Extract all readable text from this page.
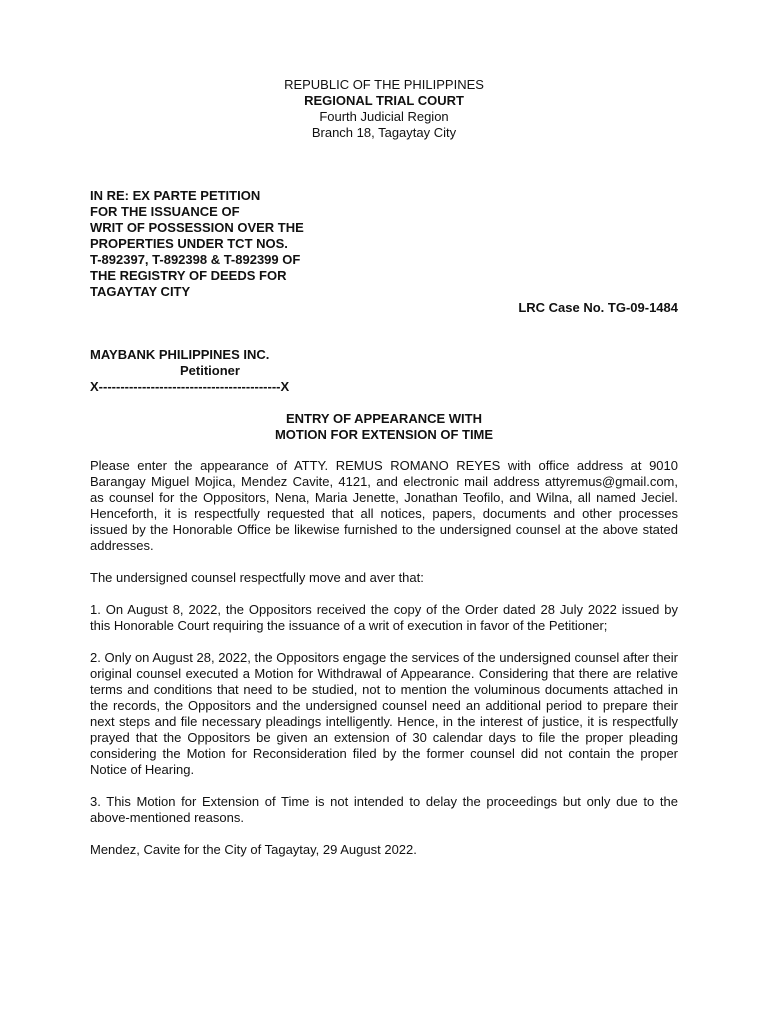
REPUBLIC OF THE PHILIPPINES
REGIONAL TRIAL COURT
Fourth Judicial Region
Branch 18, Tagaytay City
IN RE: EX PARTE PETITION
FOR THE ISSUANCE OF
WRIT OF POSSESSION OVER THE
PROPERTIES UNDER TCT NOS.
T-892397, T-892398 & T-892399 OF
THE REGISTRY OF DEEDS FOR
TAGAYTAY CITY
LRC Case No. TG-09-1484
MAYBANK PHILIPPINES INC.
Petitioner
X------------------------------------------X
ENTRY OF APPEARANCE WITH
MOTION FOR EXTENSION OF TIME

Please enter the appearance of ATTY. REMUS ROMANO REYES with office address at 9010 Barangay Miguel Mojica, Mendez Cavite, 4121, and electronic mail address attyremus@gmail.com, as counsel for the Oppositors, Nena, Maria Jenette, Jonathan Teofilo, and Wilna, all named Jeciel. Henceforth, it is respectfully requested that all notices, papers, documents and other processes issued by the Honorable Office be likewise furnished to the undersigned counsel at the above stated addresses.

The undersigned counsel respectfully move and aver that:

1. On August 8, 2022, the Oppositors received the copy of the Order dated 28 July 2022 issued by this Honorable Court requiring the issuance of a writ of execution in favor of the Petitioner;

2. Only on August 28, 2022, the Oppositors engage the services of the undersigned counsel after their original counsel executed a Motion for Withdrawal of Appearance. Considering that there are relative terms and conditions that need to be studied, not to mention the voluminous documents attached in the records, the Oppositors and the undersigned counsel need an additional period to prepare their next steps and file necessary pleadings intelligently. Hence, in the interest of justice, it is respectfully prayed that the Oppositors be given an extension of 30 calendar days to file the proper pleading considering the Motion for Reconsideration filed by the former counsel did not contain the proper Notice of Hearing.

3. This Motion for Extension of Time is not intended to delay the proceedings but only due to the above-mentioned reasons.

Mendez, Cavite for the City of Tagaytay, 29 August 2022.
